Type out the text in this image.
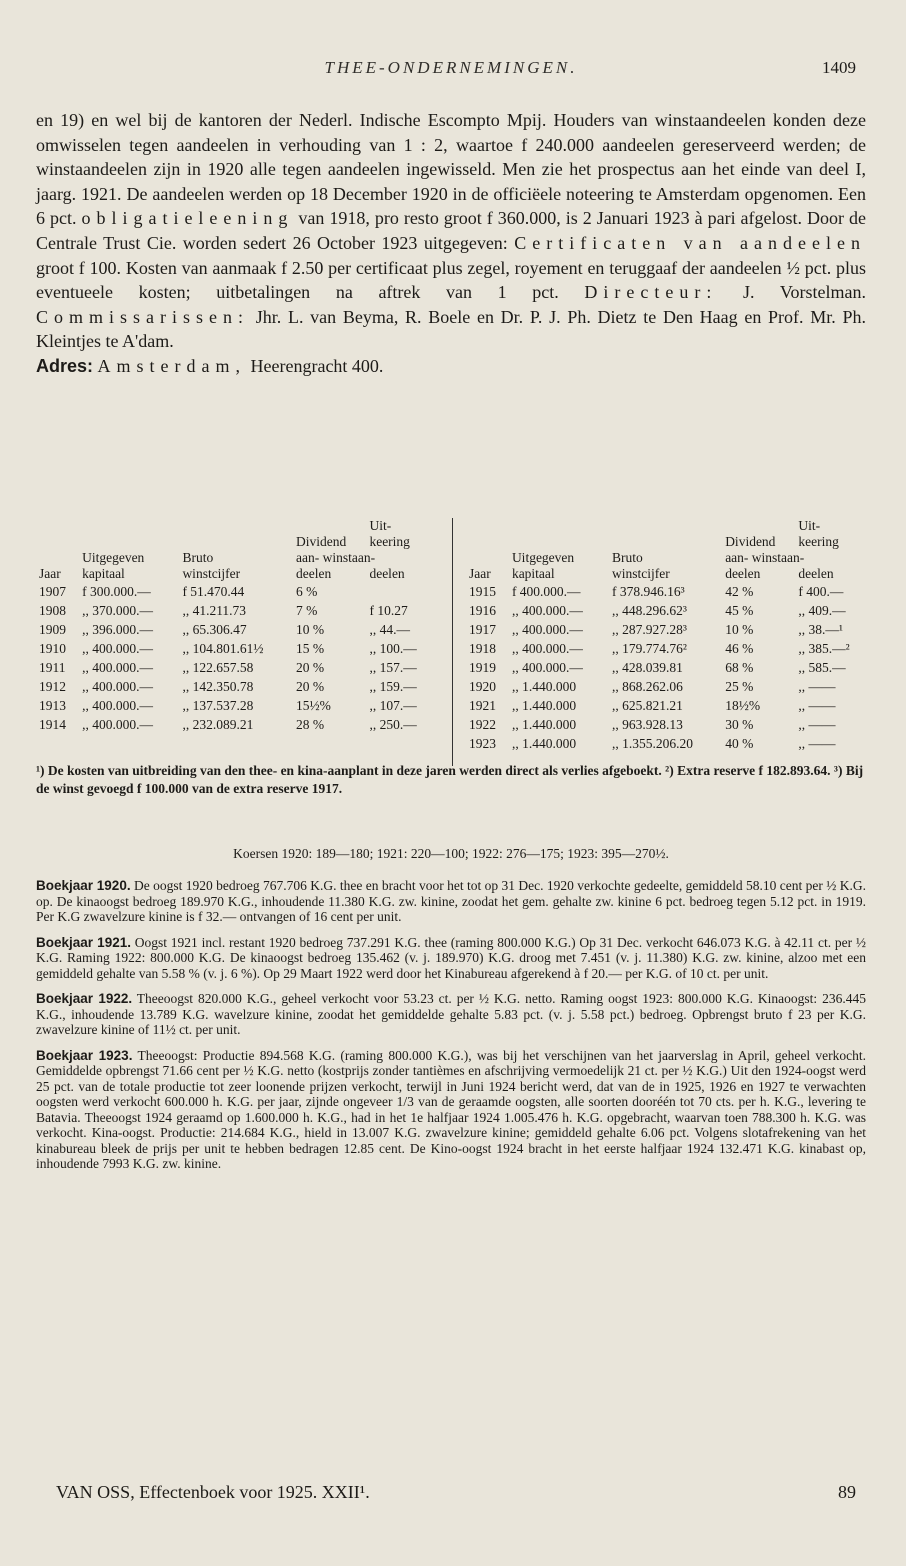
THEE-ONDERNEMINGEN.	1409

en 19) en wel bij de kantoren der Nederl. Indische Escompto Mpij. Houders van winstaandeelen konden deze omwisselen tegen aandeelen in verhouding van 1 : 2, waartoe f 240.000 aandeelen gereserveerd werden; de winstaandeelen zijn in 1920 alle tegen aandeelen ingewisseld. Men zie het prospectus aan het einde van deel I, jaarg. 1921. De aandeelen werden op 18 December 1920 in de officiëele noteering te Amsterdam opgenomen. Een 6 pct. obligatieleening van 1918, pro resto groot f 360.000, is 2 Januari 1923 à pari afgelost. Door de Centrale Trust Cie. worden sedert 26 October 1923 uitgegeven: Certificaten van aandeelen groot f 100. Kosten van aanmaak f 2.50 per certificaat plus zegel, royement en teruggaaf der aandeelen ½ pct. plus eventueele kosten; uitbetalingen na aftrek van 1 pct. Directeur: J. Vorstelman. Commissarissen: Jhr. L. van Beyma, R. Boele en Dr. P. J. Ph. Dietz te Den Haag en Prof. Mr. Ph. Kleintjes te A'dam.
Adres: Amsterdam, Heerengracht 400.

				Uit-
			Dividend	keering
	Uitgegeven	Bruto	aan- winstaan-	
Jaar	kapitaal	winstcijfer	deelen	deelen
1907	f 300.000.—	f 51.470.44	6 %	
1908	,, 370.000.—	,, 41.211.73	7 %	f 10.27
1909	,, 396.000.—	,, 65.306.47	10 %	,, 44.—
1910	,, 400.000.—	,, 104.801.61½	15 %	,, 100.—
1911	,, 400.000.—	,, 122.657.58	20 %	,, 157.—
1912	,, 400.000.—	,, 142.350.78	20 %	,, 159.—
1913	,, 400.000.—	,, 137.537.28	15½%	,, 107.—
1914	,, 400.000.—	,, 232.089.21	28 %	,, 250.—
				Uit-
			Dividend	keering
	Uitgegeven	Bruto	aan- winstaan-	
Jaar	kapitaal	winstcijfer	deelen	deelen
1915	f 400.000.—	f 378.946.16³	42 %	f 400.—
1916	,, 400.000.—	,, 448.296.62³	45 %	,, 409.—
1917	,, 400.000.—	,, 287.927.28³	10 %	,, 38.—¹
1918	,, 400.000.—	,, 179.774.76²	46 %	,, 385.—²
1919	,, 400.000.—	,, 428.039.81	68 %	,, 585.—
1920	,, 1.440.000	,, 868.262.06	25 %	,, ——
1921	,, 1.440.000	,, 625.821.21	18½%	,, ——
1922	,, 1.440.000	,, 963.928.13	30 %	,, ——
1923	,, 1.440.000	,, 1.355.206.20	40 %	,, ——

¹) De kosten van uitbreiding van den thee- en kina-aanplant in deze jaren werden direct als verlies afgeboekt. ²) Extra reserve f 182.893.64. ³) Bij de winst gevoegd f 100.000 van de extra reserve 1917.

Koersen 1920: 189—180; 1921: 220—100; 1922: 276—175; 1923: 395—270½.

Boekjaar 1920. De oogst 1920 bedroeg 767.706 K.G. thee en bracht voor het tot op 31 Dec. 1920 verkochte gedeelte, gemiddeld 58.10 cent per ½ K.G. op. De kinaoogst bedroeg 189.970 K.G., inhoudende 11.380 K.G. zw. kinine, zoodat het gem. gehalte zw. kinine 6 pct. bedroeg tegen 5.12 pct. in 1919. Per K.G zwavelzure kinine is f 32.— ontvangen of 16 cent per unit.

Boekjaar 1921. Oogst 1921 incl. restant 1920 bedroeg 737.291 K.G. thee (raming 800.000 K.G.) Op 31 Dec. verkocht 646.073 K.G. à 42.11 ct. per ½ K.G. Raming 1922: 800.000 K.G. De kinaoogst bedroeg 135.462 (v. j. 189.970) K.G. droog met 7.451 (v. j. 11.380) K.G. zw. kinine, alzoo met een gemiddeld gehalte van 5.58 % (v. j. 6 %). Op 29 Maart 1922 werd door het Kinabureau afgerekend à f 20.— per K.G. of 10 ct. per unit.

Boekjaar 1922. Theeoogst 820.000 K.G., geheel verkocht voor 53.23 ct. per ½ K.G. netto. Raming oogst 1923: 800.000 K.G. Kinaoogst: 236.445 K.G., inhoudende 13.789 K.G. wavelzure kinine, zoodat het gemiddelde gehalte 5.83 pct. (v. j. 5.58 pct.) bedroeg. Opbrengst bruto f 23 per K.G. zwavelzure kinine of 11½ ct. per unit.

Boekjaar 1923. Theeoogst: Productie 894.568 K.G. (raming 800.000 K.G.), was bij het verschijnen van het jaarverslag in April, geheel verkocht. Gemiddelde opbrengst 71.66 cent per ½ K.G. netto (kostprijs zonder tantièmes en afschrijving vermoedelijk 21 ct. per ½ K.G.) Uit den 1924-oogst werd 25 pct. van de totale productie tot zeer loonende prijzen verkocht, terwijl in Juni 1924 bericht werd, dat van de in 1925, 1926 en 1927 te verwachten oogsten werd verkocht 600.000 h. K.G. per jaar, zijnde ongeveer 1/3 van de geraamde oogsten, alle soorten dooréén tot 70 cts. per h. K.G., levering te Batavia. Theeoogst 1924 geraamd op 1.600.000 h. K.G., had in het 1e halfjaar 1924 1.005.476 h. K.G. opgebracht, waarvan toen 788.300 h. K.G. was verkocht. Kina-oogst. Productie: 214.684 K.G., hield in 13.007 K.G. zwavelzure kinine; gemiddeld gehalte 6.06 pct. Volgens slotafrekening van het kinabureau bleek de prijs per unit te hebben bedragen 12.85 cent. De Kino-oogst 1924 bracht in het eerste halfjaar 1924 132.471 K.G. kinabast op, inhoudende 7993 K.G. zw. kinine.

VAN OSS, Effectenboek voor 1925. XXII¹.	89
